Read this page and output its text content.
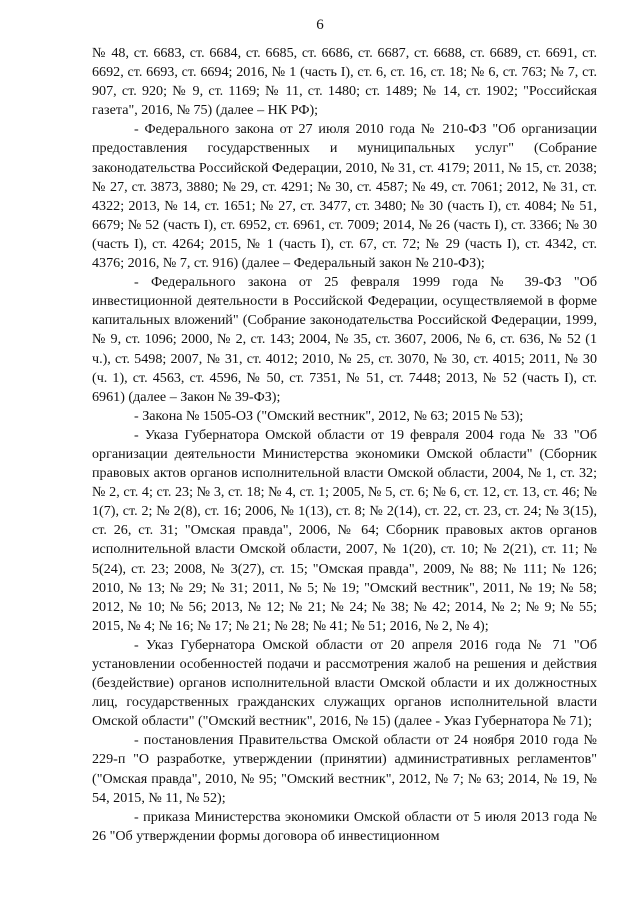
6

№ 48, ст. 6683, ст. 6684, ст. 6685, ст. 6686, ст. 6687, ст. 6688, ст. 6689, ст. 6691, ст. 6692, ст. 6693, ст. 6694; 2016, № 1 (часть I), ст. 6, ст. 16, ст. 18; № 6, ст. 763; № 7, ст. 907, ст. 920; № 9, ст. 1169; № 11, ст. 1480; ст. 1489; № 14, ст. 1902; "Российская газета", 2016, № 75) (далее – НК РФ);

- Федерального закона от 27 июля 2010 года № 210-ФЗ "Об организации предоставления государственных и муниципальных услуг" (Собрание законодательства Российской Федерации, 2010, № 31, ст. 4179; 2011, № 15, ст. 2038; № 27, ст. 3873, 3880; № 29, ст. 4291; № 30, ст. 4587; № 49, ст. 7061; 2012, № 31, ст. 4322; 2013, № 14, ст. 1651; № 27, ст. 3477, ст. 3480; № 30 (часть I), ст. 4084; № 51, 6679; № 52 (часть I), ст. 6952, ст. 6961, ст. 7009; 2014, № 26 (часть I), ст. 3366; № 30 (часть I), ст. 4264; 2015, № 1 (часть I), ст. 67, ст. 72; № 29 (часть I), ст. 4342, ст. 4376; 2016, № 7, ст. 916) (далее – Федеральный закон № 210-ФЗ);

- Федерального закона от 25 февраля 1999 года № 39-ФЗ "Об инвестиционной деятельности в Российской Федерации, осуществляемой в форме капитальных вложений" (Собрание законодательства Российской Федерации, 1999, № 9, ст. 1096; 2000, № 2, ст. 143; 2004, № 35, ст. 3607, 2006, № 6, ст. 636, № 52 (1 ч.), ст. 5498; 2007, № 31, ст. 4012; 2010, № 25, ст. 3070, № 30, ст. 4015; 2011, № 30 (ч. 1), ст. 4563, ст. 4596, № 50, ст. 7351, № 51, ст. 7448; 2013, № 52 (часть I), ст. 6961) (далее – Закон № 39-ФЗ);

- Закона № 1505-ОЗ ("Омский вестник", 2012, № 63; 2015 № 53);

- Указа Губернатора Омской области от 19 февраля 2004 года № 33 "Об организации деятельности Министерства экономики Омской области" (Сборник правовых актов органов исполнительной власти Омской области, 2004, № 1, ст. 32; № 2, ст. 4; ст. 23; № 3, ст. 18; № 4, ст. 1; 2005, № 5, ст. 6; № 6, ст. 12, ст. 13, ст. 46; № 1(7), ст. 2; № 2(8), ст. 16; 2006, № 1(13), ст. 8; № 2(14), ст. 22, ст. 23, ст. 24; № 3(15), ст. 26, ст. 31; "Омская правда", 2006, № 64; Сборник правовых актов органов исполнительной власти Омской области, 2007, № 1(20), ст. 10; № 2(21), ст. 11; № 5(24), ст. 23; 2008, № 3(27), ст. 15; "Омская правда", 2009, № 88; № 111; № 126; 2010, № 13; № 29; № 31; 2011, № 5; № 19; "Омский вестник", 2011, № 19; № 58; 2012, № 10; № 56; 2013, № 12; № 21; № 24; № 38; № 42; 2014, № 2; № 9; № 55; 2015, № 4; № 16; № 17; № 21; № 28; № 41; № 51; 2016, № 2, № 4);

- Указ Губернатора Омской области от 20 апреля 2016 года № 71 "Об установлении особенностей подачи и рассмотрения жалоб на решения и действия (бездействие) органов исполнительной власти Омской области и их должностных лиц, государственных гражданских служащих органов исполнительной власти Омской области" ("Омский вестник", 2016, № 15) (далее - Указ Губернатора № 71);

- постановления Правительства Омской области от 24 ноября 2010 года № 229-п "О разработке, утверждении (принятии) административных регламентов" ("Омская правда", 2010, № 95; "Омский вестник", 2012, № 7; № 63; 2014, № 19, № 54, 2015, № 11, № 52);

- приказа Министерства экономики Омской области от 5 июля 2013 года № 26 "Об утверждении формы договора об инвестиционном
